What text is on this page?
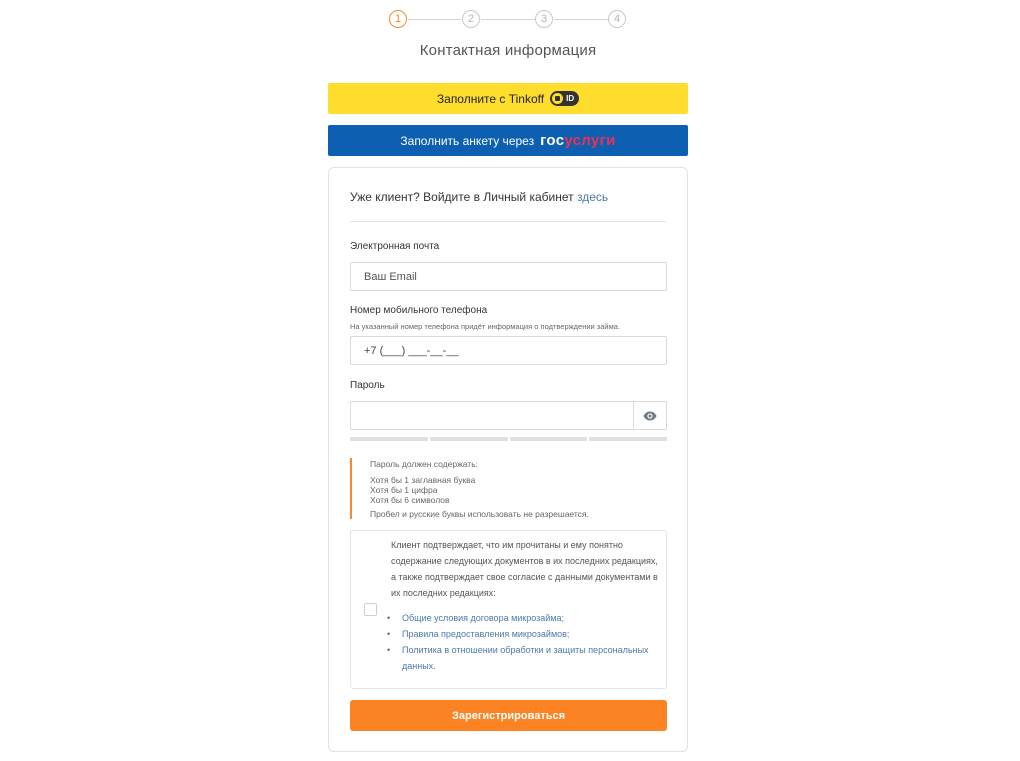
1	2	3	4
Контактная информация
Заполните с Tinkoff	ID
Заполнить анкету через госуслуги
Уже клиент? Войдите в Личный кабинет здесь
Электронная почта
Ваш Email
Номер мобильного телефона
На указанный номер телефона придёт информация о подтверждении займа.
+7 (___) ___-__-__
Пароль
Пароль должен содержать:
Хотя бы 1 заглавная буква
Хотя бы 1 цифра
Хотя бы 6 символов
Пробел и русские буквы использовать не разрешается.
Клиент подтверждает, что им прочитаны и ему понятно содержание следующих документов в их последних редакциях, а также подтверждает свое согласие с данными документами в их последних редакциях:
• Общие условия договора микрозайма;
• Правила предоставления микрозаймов;
• Политика в отношении обработки и защиты персональных данных.
Зарегистрироваться
